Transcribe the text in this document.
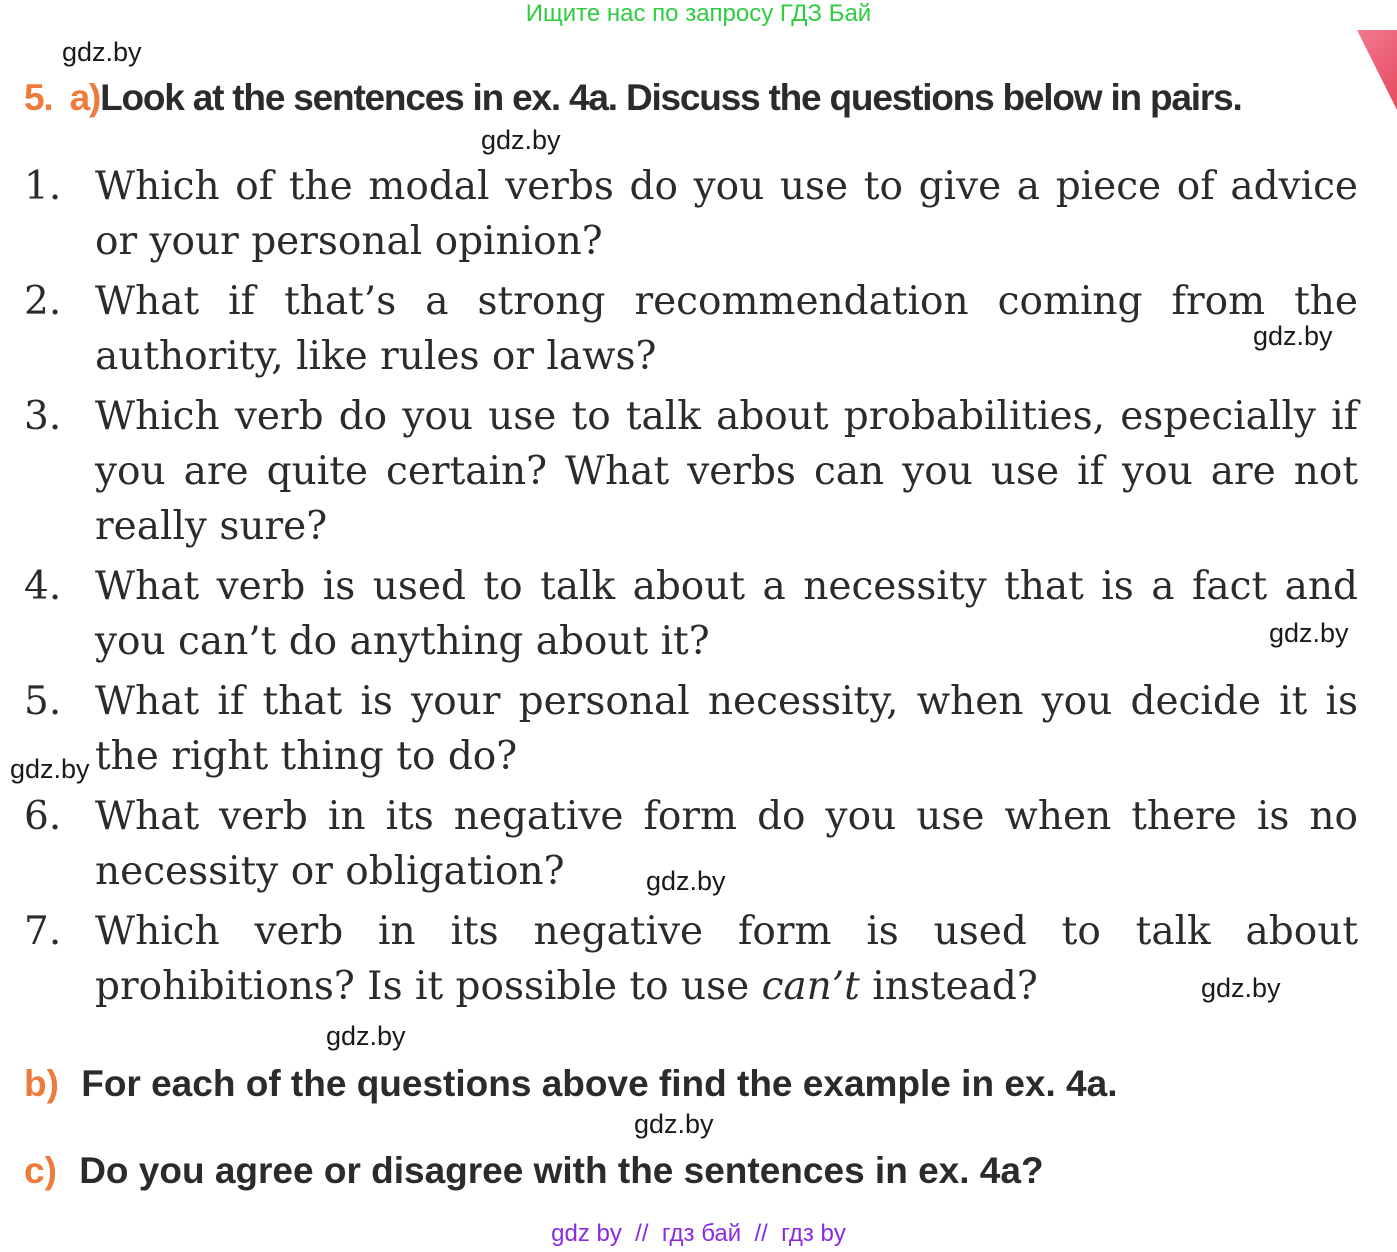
Ищите нас по запросу ГДЗ Бай
gdz.by
gdz.by
gdz.by
gdz.by
gdz.by
gdz.by
gdz.by
gdz.by
gdz.by
5. a)Look at the sentences in ex. 4a. Discuss the questions below in pairs.
1. Which of the modal verbs do you use to give a piece of advice or your personal opinion?
2. What if that’s a strong recommendation coming from the authority, like rules or laws?
3. Which verb do you use to talk about probabilities, especially if you are quite certain? What verbs can you use if you are not really sure?
4. What verb is used to talk about a necessity that is a fact and you can’t do anything about it?
5. What if that is your personal necessity, when you decide it is the right thing to do?
6. What verb in its negative form do you use when there is no necessity or obligation?
7. Which verb in its negative form is used to talk about prohibitions? Is it possible to use can’t instead?
b) For each of the questions above find the example in ex. 4a.
c) Do you agree or disagree with the sentences in ex. 4a?
gdz by  //  гдз бай  //  гдз by
